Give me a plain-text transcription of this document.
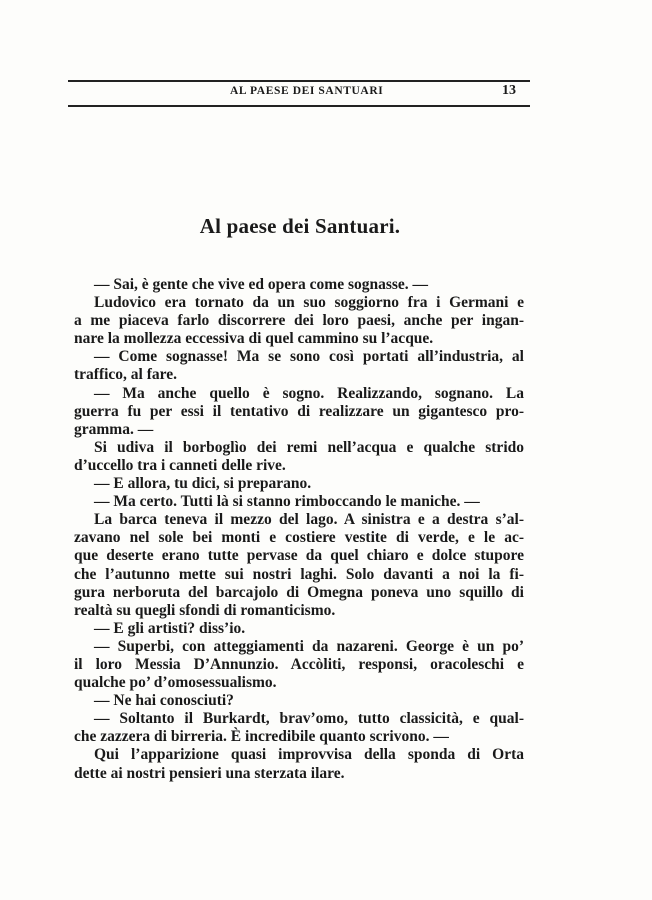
AL PAESE DEI SANTUARI	13
Al paese dei Santuari.
— Sai, è gente che vive ed opera come sognasse. —
Ludovico era tornato da un suo soggiorno fra i Germani e
a me piaceva farlo discorrere dei loro paesi, anche per ingan-
nare la mollezza eccessiva di quel cammino su l’acque.
— Come sognasse! Ma se sono così portati all’industria, al
traffico, al fare.
— Ma anche quello è sogno. Realizzando, sognano. La
guerra fu per essi il tentativo di realizzare un gigantesco pro-
gramma. —
Si udiva il borboglìo dei remi nell’acqua e qualche strido
d’uccello tra i canneti delle rive.
— E allora, tu dici, si preparano.
— Ma certo. Tutti là si stanno rimboccando le maniche. —
La barca teneva il mezzo del lago. A sinistra e a destra s’al-
zavano nel sole bei monti e costiere vestite di verde, e le ac-
que deserte erano tutte pervase da quel chiaro e dolce stupore
che l’autunno mette sui nostri laghi. Solo davanti a noi la fi-
gura nerboruta del barcajolo di Omegna poneva uno squillo di
realtà su quegli sfondi di romanticismo.
— E gli artisti? diss’io.
— Superbi, con atteggiamenti da nazareni. George è un po’
il loro Messia D’Annunzio. Accòliti, responsi, oracoleschi e
qualche po’ d’omosessualismo.
— Ne hai conosciuti?
— Soltanto il Burkardt, brav’omo, tutto classicità, e qual-
che zazzera di birreria. È incredibile quanto scrivono. —
Qui l’apparizione quasi improvvisa della sponda di Orta
dette ai nostri pensieri una sterzata ilare.
